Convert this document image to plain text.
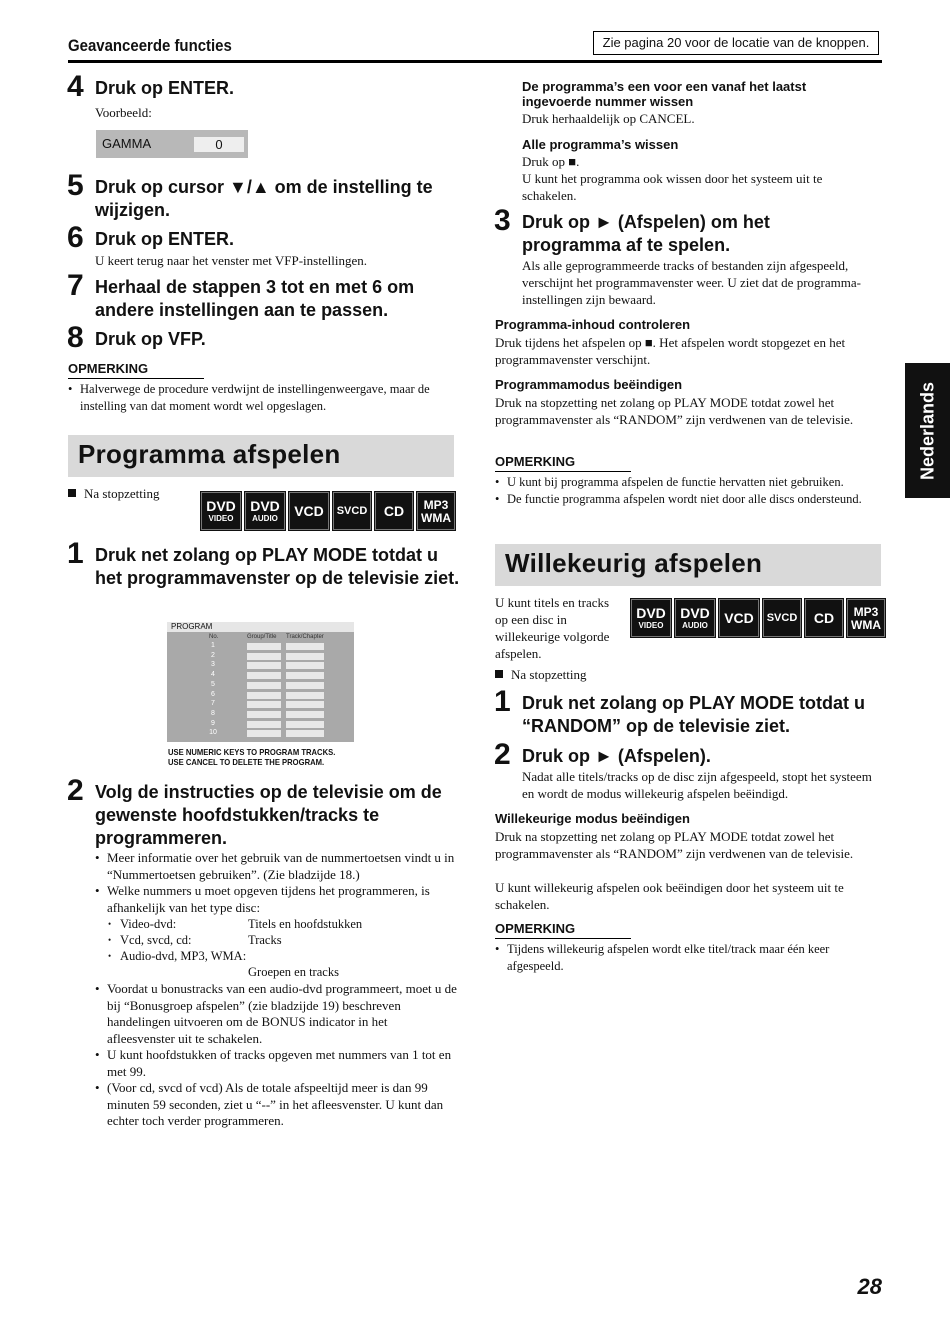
Geavanceerde functies	Zie pagina 20 voor de locatie van de knoppen.
Nederlands
4 Druk op ENTER.
Voorbeeld:
GAMMA	0
5 Druk op cursor ▼/▲ om de instelling te wijzigen.
6 Druk op ENTER.
U keert terug naar het venster met VFP-instellingen.
7 Herhaal de stappen 3 tot en met 6 om andere instellingen aan te passen.
8 Druk op VFP.
OPMERKING
• Halverwege de procedure verdwijnt de instellingenweergave, maar de instelling van dat moment wordt wel opgeslagen.
Programma afspelen
Na stopzetting
DVD
VIDEO
DVD
AUDIO VCD SVCD CD MP3
WMA
1 Druk net zolang op PLAY MODE totdat u het programmavenster op de televisie ziet.
PROGRAM
No.	Group/Title Track/Chapter
1
2
3
4
5
6
7
8
9
10
USE NUMERIC KEYS TO PROGRAM TRACKS.
USE CANCEL TO DELETE THE PROGRAM.
2 Volg de instructies op de televisie om de gewenste hoofdstukken/tracks te programmeren.
• Meer informatie over het gebruik van de nummertoetsen vindt u in “Nummertoetsen gebruiken”. (Zie bladzijde 18.)
• Welke nummers u moet opgeven tijdens het programmeren, is afhankelijk van het type disc:
• Video-dvd:	Titels en hoofdstukken
• Vcd, svcd, cd:	Tracks
• Audio-dvd, MP3, WMA:
Groepen en tracks
• Voordat u bonustracks van een audio-dvd programmeert, moet u de bij “Bonusgroep afspelen” (zie bladzijde 19) beschreven handelingen uitvoeren om de BONUS indicator in het afleesvenster uit te schakelen.
• U kunt hoofdstukken of tracks opgeven met nummers van 1 tot en met 99.
• (Voor cd, svcd of vcd) Als de totale afspeeltijd meer is dan 99 minuten 59 seconden, ziet u “--” in het afleesvenster. U kunt dan echter toch verder programmeren.
De programma’s een voor een vanaf het laatst ingevoerde nummer wissen
Druk herhaaldelijk op CANCEL.
Alle programma’s wissen
Druk op ■.
U kunt het programma ook wissen door het systeem uit te schakelen.
3 Druk op ► (Afspelen) om het programma af te spelen.
Als alle geprogrammeerde tracks of bestanden zijn afgespeeld, verschijnt het programmavenster weer. U ziet dat de programma-instellingen zijn bewaard.
Programma-inhoud controleren
Druk tijdens het afspelen op ■. Het afspelen wordt stopgezet en het programmavenster verschijnt.
Programmamodus beëindigen
Druk na stopzetting net zolang op PLAY MODE totdat zowel het programmavenster als “RANDOM” zijn verdwenen van de televisie.
OPMERKING
• U kunt bij programma afspelen de functie hervatten niet gebruiken.
• De functie programma afspelen wordt niet door alle discs ondersteund.
Willekeurig afspelen
U kunt titels en tracks op een disc in willekeurige volgorde afspelen.
DVD
VIDEO
DVD
AUDIO VCD SVCD CD MP3
WMA
Na stopzetting
1 Druk net zolang op PLAY MODE totdat u “RANDOM” op de televisie ziet.
2 Druk op ► (Afspelen).
Nadat alle titels/tracks op de disc zijn afgespeeld, stopt het systeem en wordt de modus willekeurig afspelen beëindigd.
Willekeurige modus beëindigen
Druk na stopzetting net zolang op PLAY MODE totdat zowel het programmavenster als “RANDOM” zijn verdwenen van de televisie.
U kunt willekeurig afspelen ook beëindigen door het systeem uit te schakelen.
OPMERKING
• Tijdens willekeurig afspelen wordt elke titel/track maar één keer afgespeeld.
28
